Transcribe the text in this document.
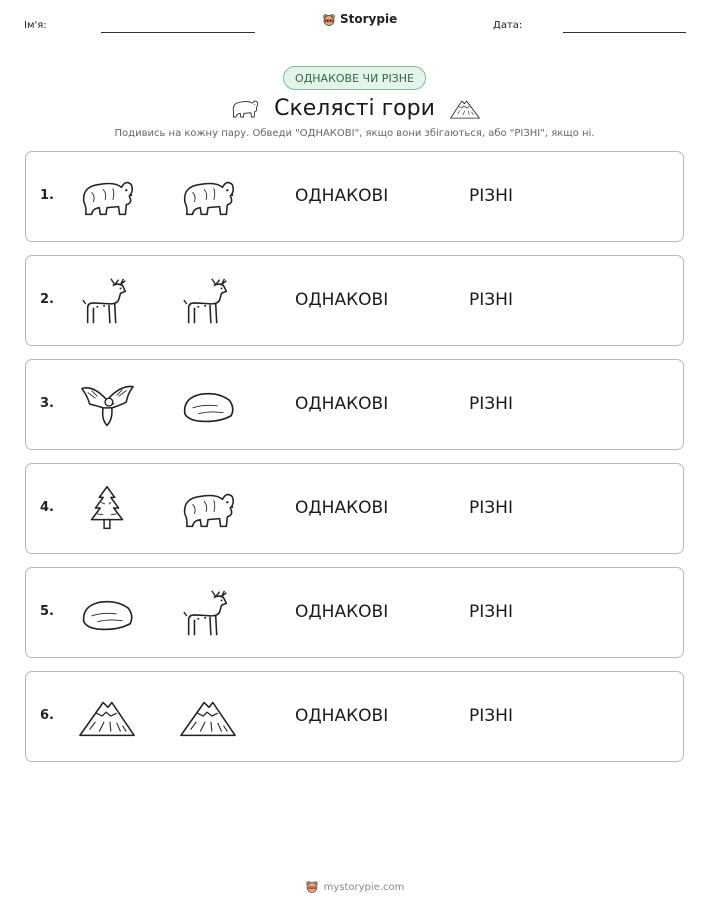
Ім'я:	Storypie	Дата:
ОДНАКОВЕ ЧИ РІЗНЕ
Скелясті гори
Подивись на кожну пару. Обведи "ОДНАКОВІ", якщо вони збігаються, або "РІЗНІ", якщо ні.
1.	ОДНАКОВІ	РІЗНІ
2.	ОДНАКОВІ	РІЗНІ
3.	ОДНАКОВІ	РІЗНІ
4.	ОДНАКОВІ	РІЗНІ
5.	ОДНАКОВІ	РІЗНІ
6.	ОДНАКОВІ	РІЗНІ
mystorypie.com
